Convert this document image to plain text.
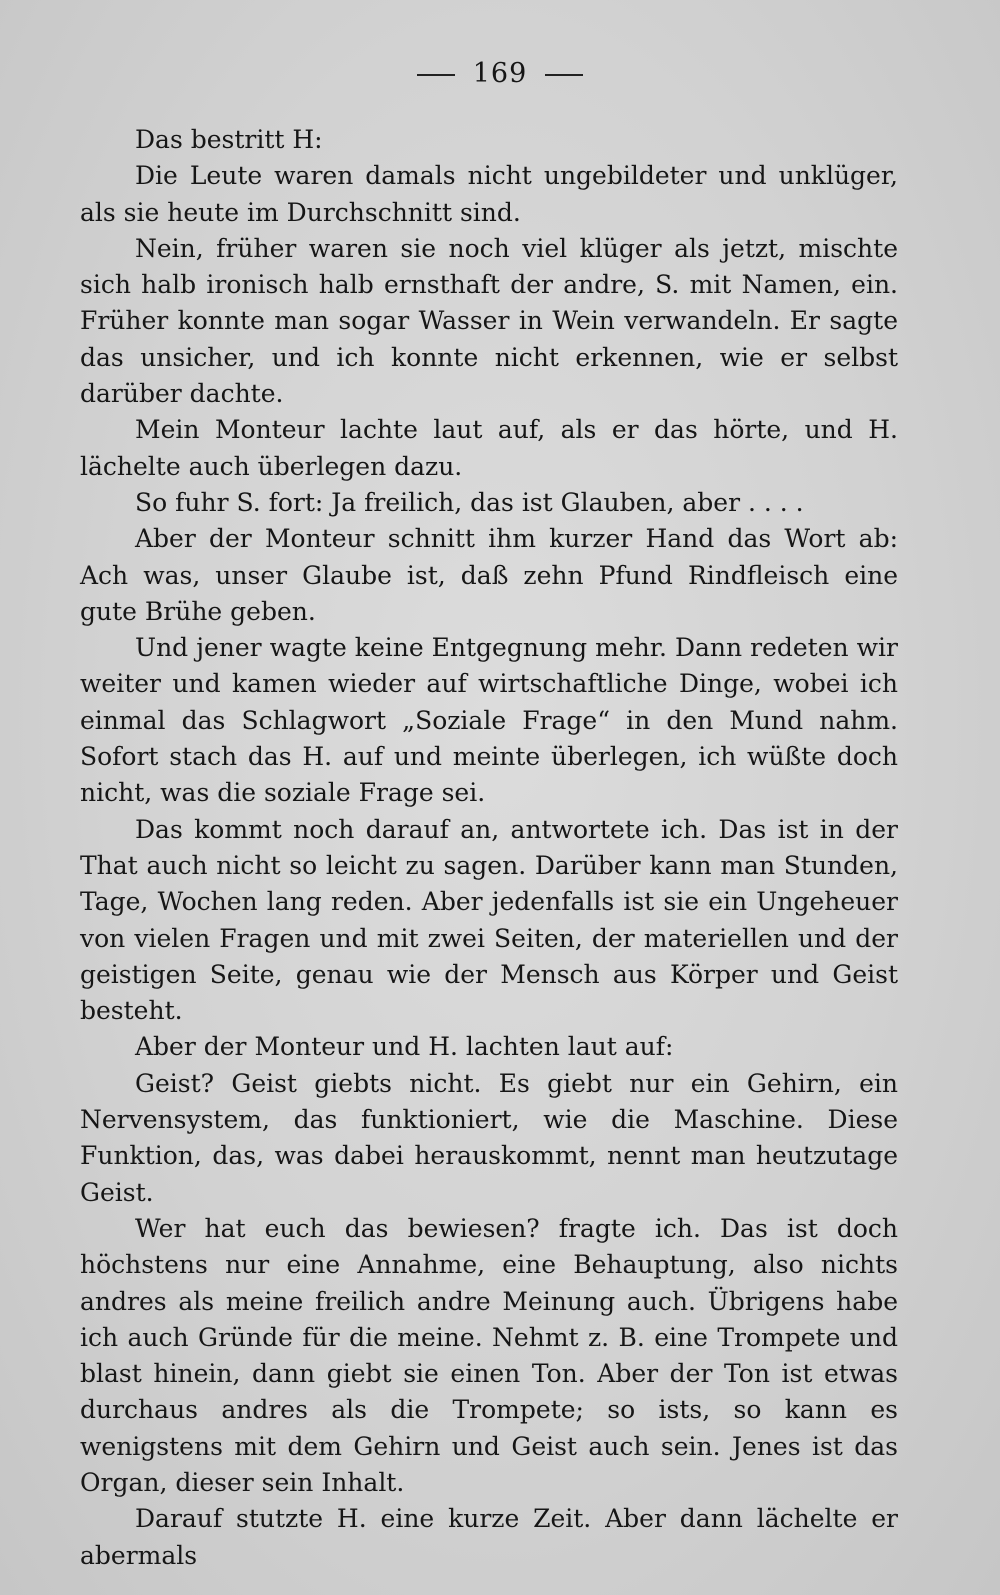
169

Das bestritt H:

Die Leute waren damals nicht ungebildeter und unklüger, als sie heute im Durchschnitt sind.

Nein, früher waren sie noch viel klüger als jetzt, mischte sich halb ironisch halb ernsthaft der andre, S. mit Namen, ein. Früher konnte man sogar Wasser in Wein verwandeln. Er sagte das unsicher, und ich konnte nicht erkennen, wie er selbst darüber dachte.

Mein Monteur lachte laut auf, als er das hörte, und H. lächelte auch überlegen dazu.

So fuhr S. fort: Ja freilich, das ist Glauben, aber . . . .

Aber der Monteur schnitt ihm kurzer Hand das Wort ab: Ach was, unser Glaube ist, daß zehn Pfund Rindfleisch eine gute Brühe geben.

Und jener wagte keine Entgegnung mehr. Dann redeten wir weiter und kamen wieder auf wirtschaftliche Dinge, wobei ich einmal das Schlagwort „Soziale Frage“ in den Mund nahm. Sofort stach das H. auf und meinte überlegen, ich wüßte doch nicht, was die soziale Frage sei.

Das kommt noch darauf an, antwortete ich. Das ist in der That auch nicht so leicht zu sagen. Darüber kann man Stunden, Tage, Wochen lang reden. Aber jedenfalls ist sie ein Ungeheuer von vielen Fragen und mit zwei Seiten, der materiellen und der geistigen Seite, genau wie der Mensch aus Körper und Geist besteht.

Aber der Monteur und H. lachten laut auf:

Geist? Geist giebts nicht. Es giebt nur ein Gehirn, ein Nervensystem, das funktioniert, wie die Maschine. Diese Funktion, das, was dabei herauskommt, nennt man heutzutage Geist.

Wer hat euch das bewiesen? fragte ich. Das ist doch höchstens nur eine Annahme, eine Behauptung, also nichts andres als meine freilich andre Meinung auch. Übrigens habe ich auch Gründe für die meine. Nehmt z. B. eine Trompete und blast hinein, dann giebt sie einen Ton. Aber der Ton ist etwas durchaus andres als die Trompete; so ists, so kann es wenigstens mit dem Gehirn und Geist auch sein. Jenes ist das Organ, dieser sein Inhalt.

Darauf stutzte H. eine kurze Zeit. Aber dann lächelte er abermals
